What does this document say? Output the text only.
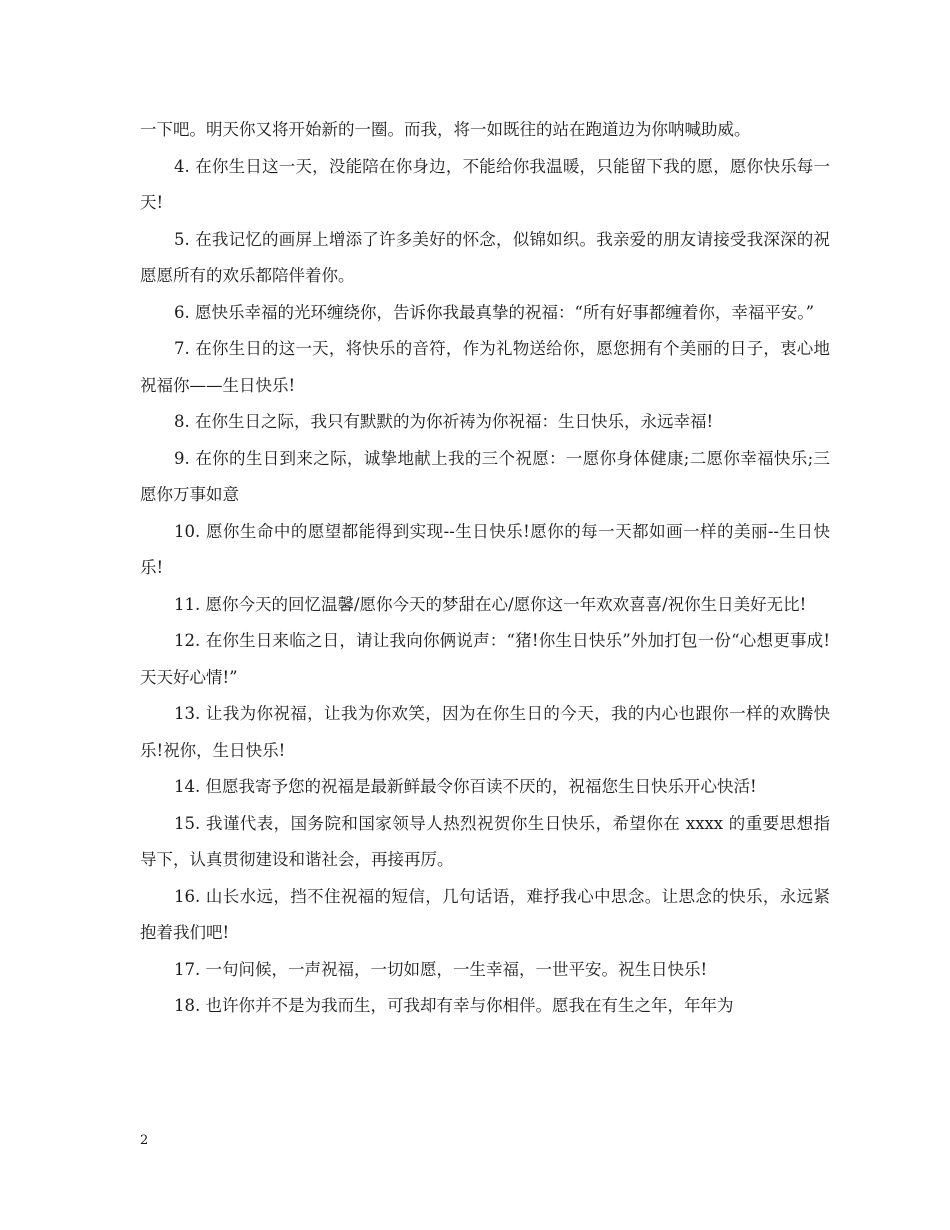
一下吧。明天你又将开始新的一圈。而我，将一如既往的站在跑道边为你呐喊助威。

4. 在你生日这一天，没能陪在你身边，不能给你我温暖，只能留下我的愿，愿你快乐每一天!

5. 在我记忆的画屏上增添了许多美好的怀念，似锦如织。我亲爱的朋友请接受我深深的祝愿愿所有的欢乐都陪伴着你。

6. 愿快乐幸福的光环缠绕你，告诉你我最真挚的祝福：“所有好事都缠着你，幸福平安。”

7. 在你生日的这一天，将快乐的音符，作为礼物送给你，愿您拥有个美丽的日子，衷心地祝福你——生日快乐!

8. 在你生日之际，我只有默默的为你祈祷为你祝福：生日快乐，永远幸福!

9. 在你的生日到来之际，诚挚地献上我的三个祝愿：一愿你身体健康;二愿你幸福快乐;三愿你万事如意

10. 愿你生命中的愿望都能得到实现--生日快乐!愿你的每一天都如画一样的美丽--生日快乐!

11. 愿你今天的回忆温馨/愿你今天的梦甜在心/愿你这一年欢欢喜喜/祝你生日美好无比!

12. 在你生日来临之日，请让我向你俩说声：“猪!你生日快乐”外加打包一份“心想更事成!天天好心情!”

13. 让我为你祝福，让我为你欢笑，因为在你生日的今天，我的内心也跟你一样的欢腾快乐!祝你，生日快乐!

14. 但愿我寄予您的祝福是最新鲜最令你百读不厌的，祝福您生日快乐开心快活!

15. 我谨代表，国务院和国家领导人热烈祝贺你生日快乐，希望你在 xxxx 的重要思想指导下，认真贯彻建设和谐社会，再接再厉。

16. 山长水远，挡不住祝福的短信，几句话语，难抒我心中思念。让思念的快乐，永远紧抱着我们吧!

17. 一句问候，一声祝福，一切如愿，一生幸福，一世平安。祝生日快乐!

18. 也许你并不是为我而生，可我却有幸与你相伴。愿我在有生之年，年年为

2
